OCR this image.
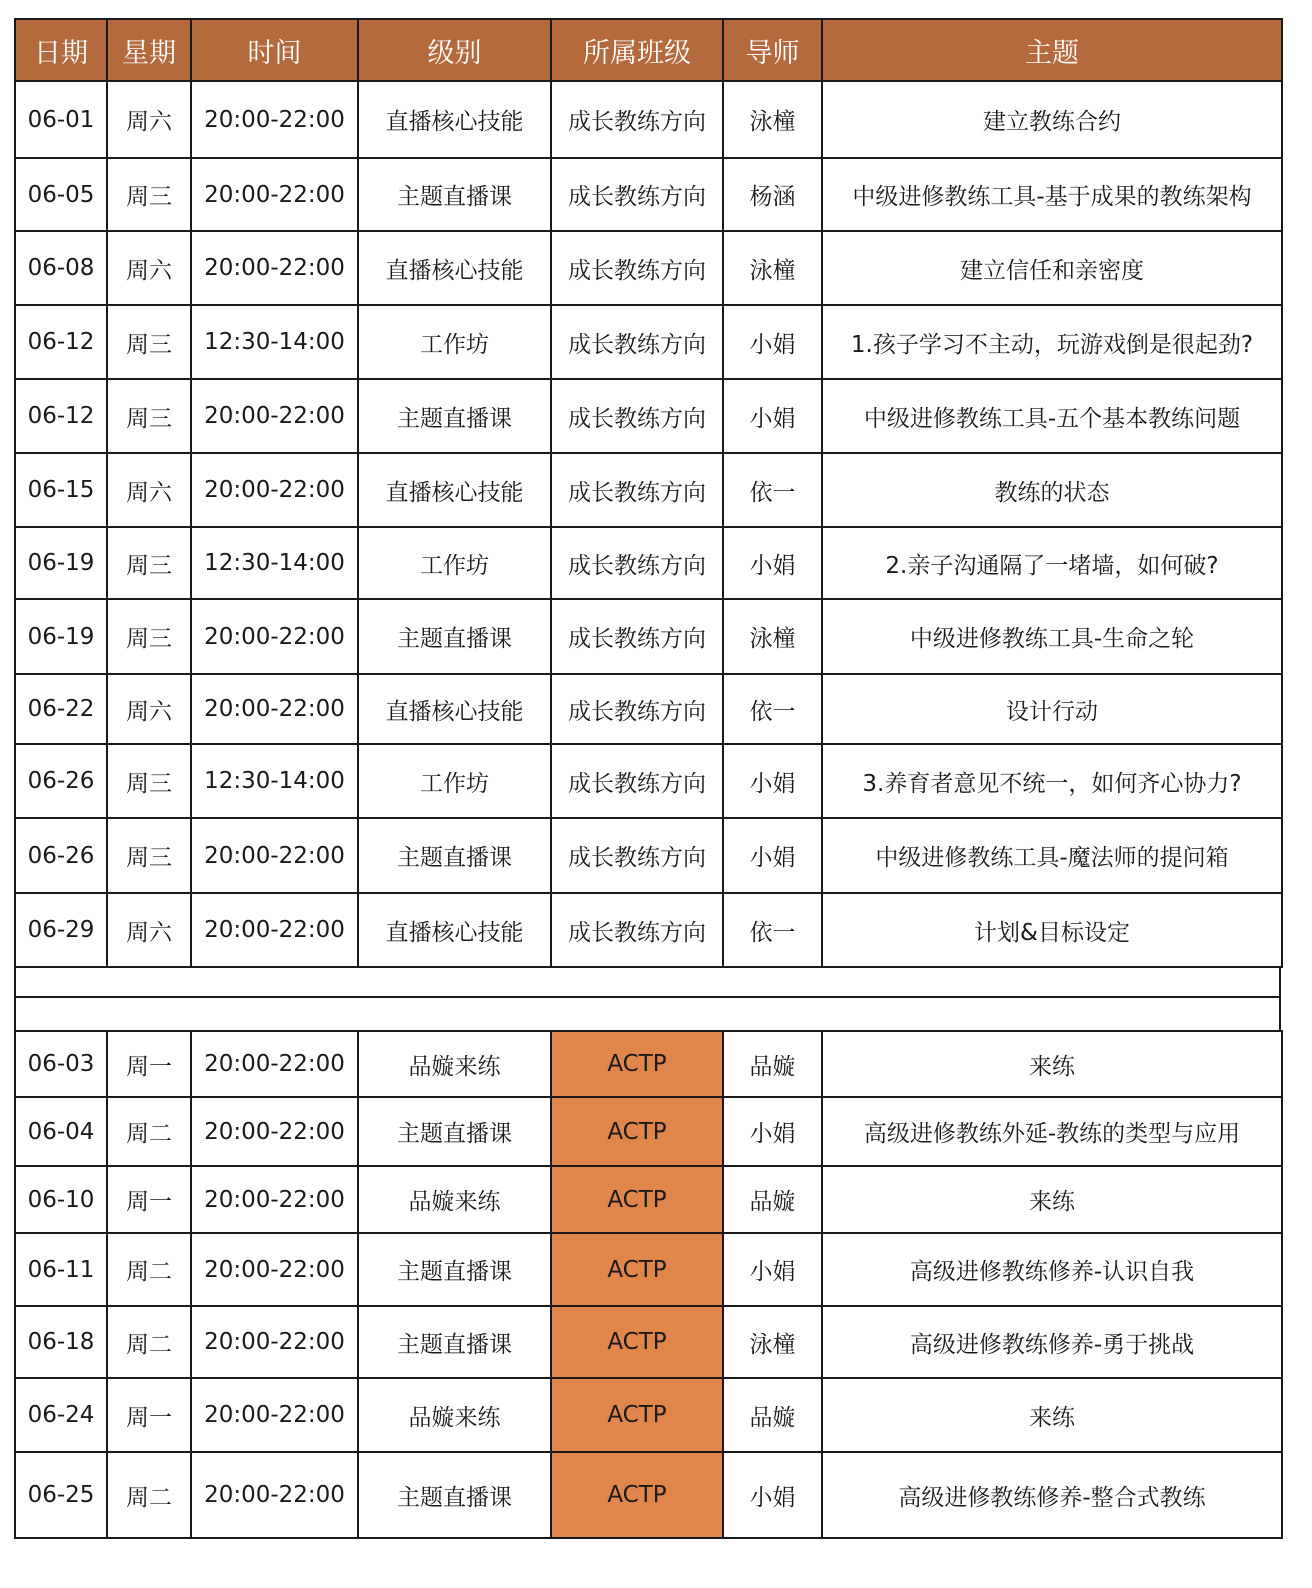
日期	星期	时间	级别	所属班级	导师	主题
06-01	周六	20:00-22:00	直播核心技能	成长教练方向	泳橦	建立教练合约
06-05	周三	20:00-22:00	主题直播课	成长教练方向	杨涵	中级进修教练工具-基于成果的教练架构
06-08	周六	20:00-22:00	直播核心技能	成长教练方向	泳橦	建立信任和亲密度
06-12	周三	12:30-14:00	工作坊	成长教练方向	小娟	1.孩子学习不主动，玩游戏倒是很起劲?
06-12	周三	20:00-22:00	主题直播课	成长教练方向	小娟	中级进修教练工具-五个基本教练问题
06-15	周六	20:00-22:00	直播核心技能	成长教练方向	依一	教练的状态
06-19	周三	12:30-14:00	工作坊	成长教练方向	小娟	2.亲子沟通隔了一堵墙，如何破?
06-19	周三	20:00-22:00	主题直播课	成长教练方向	泳橦	中级进修教练工具-生命之轮
06-22	周六	20:00-22:00	直播核心技能	成长教练方向	依一	设计行动
06-26	周三	12:30-14:00	工作坊	成长教练方向	小娟	3.养育者意见不统一，如何齐心协力?
06-26	周三	20:00-22:00	主题直播课	成长教练方向	小娟	中级进修教练工具-魔法师的提问箱
06-29	周六	20:00-22:00	直播核心技能	成长教练方向	依一	计划&目标设定
06-03	周一	20:00-22:00	品嫙来练	ACTP	品嫙	来练
06-04	周二	20:00-22:00	主题直播课	ACTP	小娟	高级进修教练外延-教练的类型与应用
06-10	周一	20:00-22:00	品嫙来练	ACTP	品嫙	来练
06-11	周二	20:00-22:00	主题直播课	ACTP	小娟	高级进修教练修养-认识自我
06-18	周二	20:00-22:00	主题直播课	ACTP	泳橦	高级进修教练修养-勇于挑战
06-24	周一	20:00-22:00	品嫙来练	ACTP	品嫙	来练
06-25	周二	20:00-22:00	主题直播课	ACTP	小娟	高级进修教练修养-整合式教练
